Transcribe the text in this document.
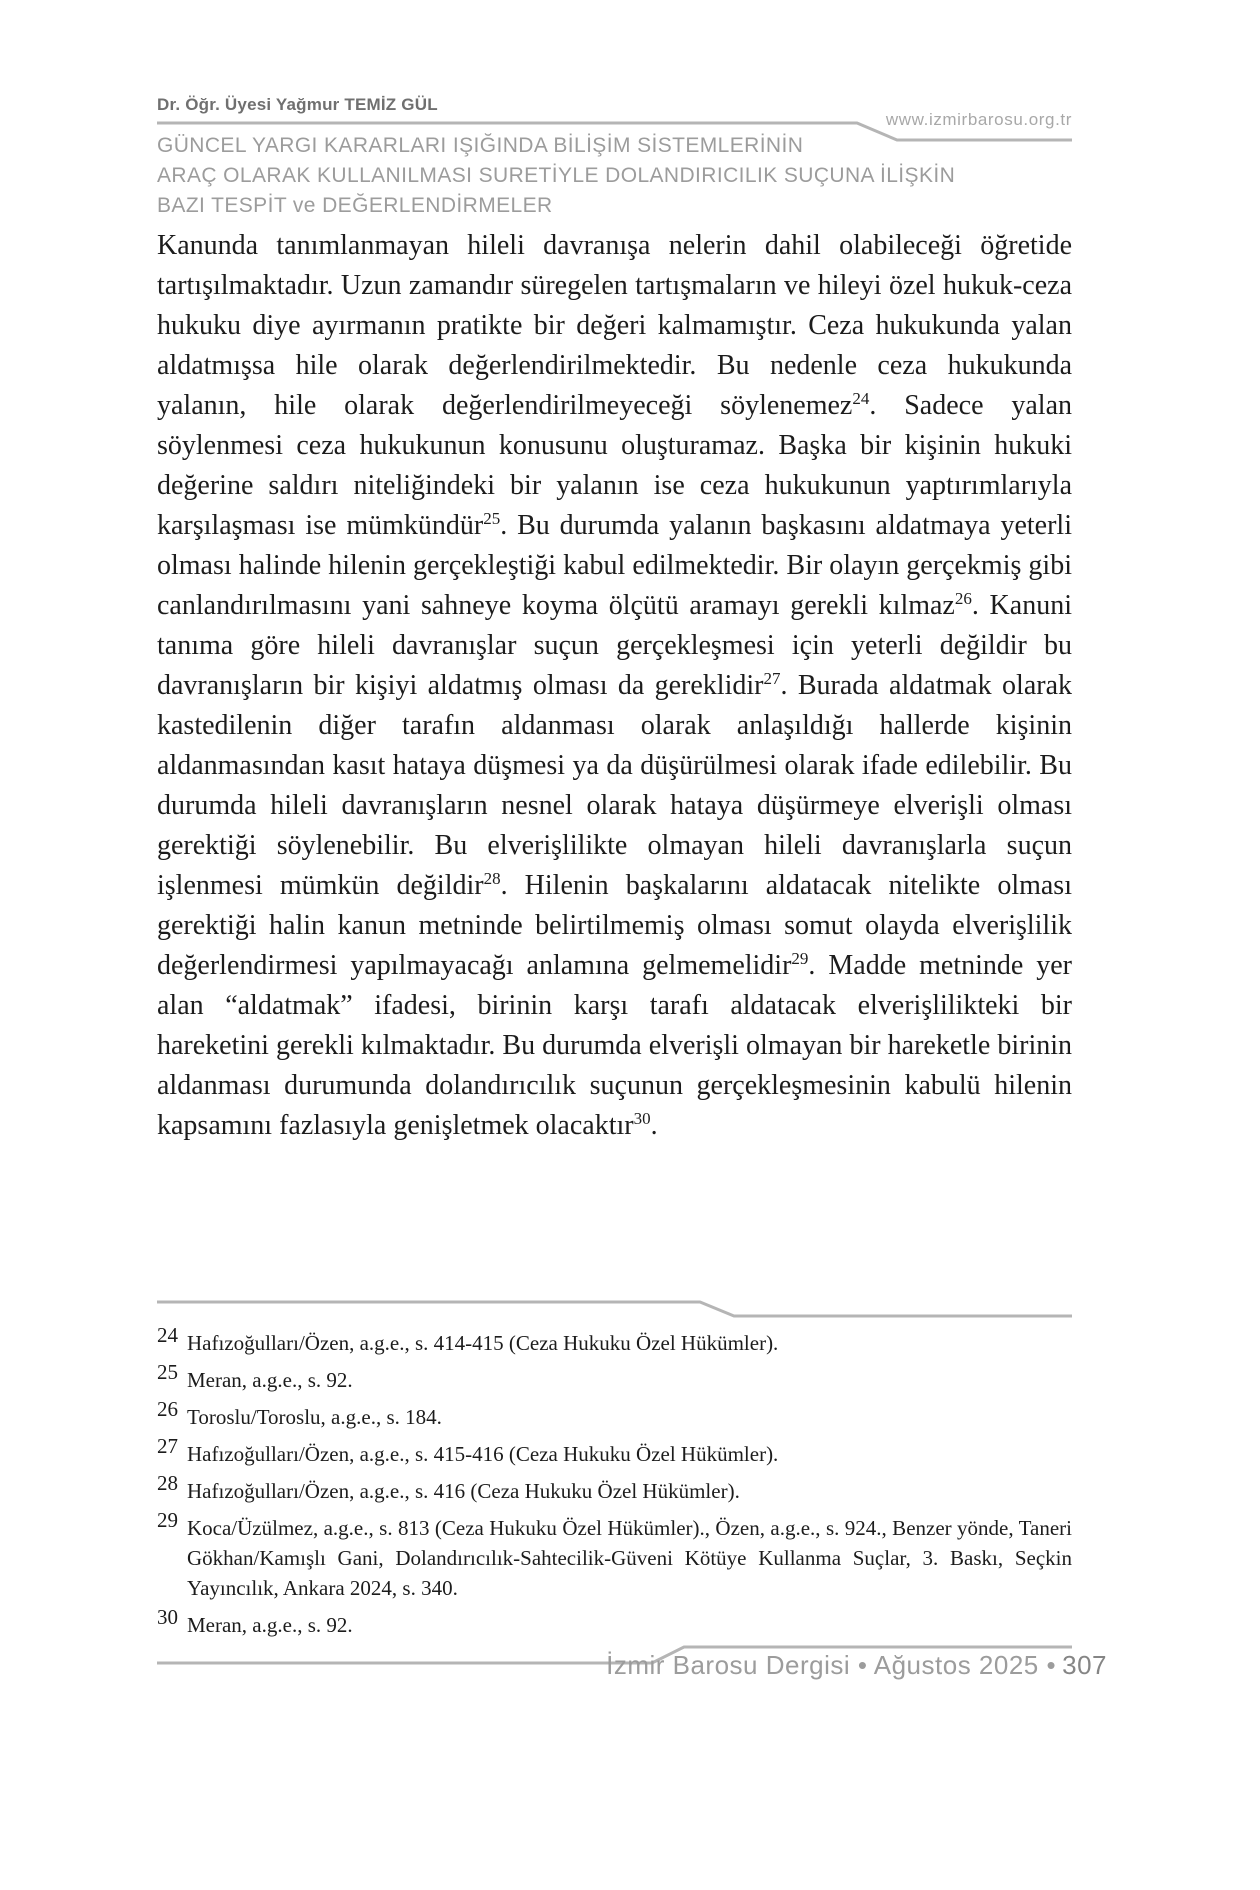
Dr. Öğr. Üyesi Yağmur TEMİZ GÜL
www.izmirbarosu.org.tr
GÜNCEL YARGI KARARLARI IŞIĞINDA BİLİŞİM SİSTEMLERİNİN
ARAÇ OLARAK KULLANILMASI SURETİYLE DOLANDIRICILIK SUÇUNA İLİŞKİN
BAZI TESPİT ve DEĞERLENDİRMELER

Kanunda tanımlanmayan hileli davranışa nelerin dahil olabileceği öğretide tartışılmaktadır. Uzun zamandır süregelen tartışmaların ve hileyi özel hukuk-ceza hukuku diye ayırmanın pratikte bir değeri kalmamıştır. Ceza hukukunda yalan aldatmışsa hile olarak değerlendirilmektedir. Bu nedenle ceza hukukunda yalanın, hile olarak değerlendirilmeyeceği söylenemez$^{24}$. Sadece yalan söylenmesi ceza hukukunun konusunu oluşturamaz. Başka bir kişinin hukuki değerine saldırı niteliğindeki bir yalanın ise ceza hukukunun yaptırımlarıyla karşılaşması ise mümkündür$^{25}$. Bu durumda yalanın başkasını aldatmaya yeterli olması halinde hilenin gerçekleştiği kabul edilmektedir. Bir olayın gerçekmiş gibi canlandırılmasını yani sahneye koyma ölçütü aramayı gerekli kılmaz$^{26}$. Kanuni tanıma göre hileli davranışlar suçun gerçekleşmesi için yeterli değildir bu davranışların bir kişiyi aldatmış olması da gereklidir$^{27}$. Burada aldatmak olarak kastedilenin diğer tarafın aldanması olarak anlaşıldığı hallerde kişinin aldanmasından kasıt hataya düşmesi ya da düşürülmesi olarak ifade edilebilir. Bu durumda hileli davranışların nesnel olarak hataya düşürmeye elverişli olması gerektiği söylenebilir. Bu elverişlilikte olmayan hileli davranışlarla suçun işlenmesi mümkün değildir$^{28}$. Hilenin başkalarını aldatacak nitelikte olması gerektiği halin kanun metninde belirtilmemiş olması somut olayda elverişlilik değerlendirmesi yapılmayacağı anlamına gelmemelidir$^{29}$. Madde metninde yer alan “aldatmak” ifadesi, birinin karşı tarafı aldatacak elverişlilikteki bir hareketini gerekli kılmaktadır. Bu durumda elverişli olmayan bir hareketle birinin aldanması durumunda dolandırıcılık suçunun gerçekleşmesinin kabulü hilenin kapsamını fazlasıyla genişletmek olacaktır$^{30}$.

24 Hafızoğulları/Özen, a.g.e., s. 414-415 (Ceza Hukuku Özel Hükümler).
25 Meran, a.g.e., s. 92.
26 Toroslu/Toroslu, a.g.e., s. 184.
27 Hafızoğulları/Özen, a.g.e., s. 415-416 (Ceza Hukuku Özel Hükümler).
28 Hafızoğulları/Özen, a.g.e., s. 416 (Ceza Hukuku Özel Hükümler).
29 Koca/Üzülmez, a.g.e., s. 813 (Ceza Hukuku Özel Hükümler)., Özen, a.g.e., s. 924., Benzer yönde, Taneri Gökhan/Kamışlı Gani, Dolandırıcılık-Sahtecilik-Güveni Kötüye Kullanma Suçlar, 3. Baskı, Seçkin Yayıncılık, Ankara 2024, s. 340.
30 Meran, a.g.e., s. 92.
İzmir Barosu Dergisi • Ağustos 2025 • 307
